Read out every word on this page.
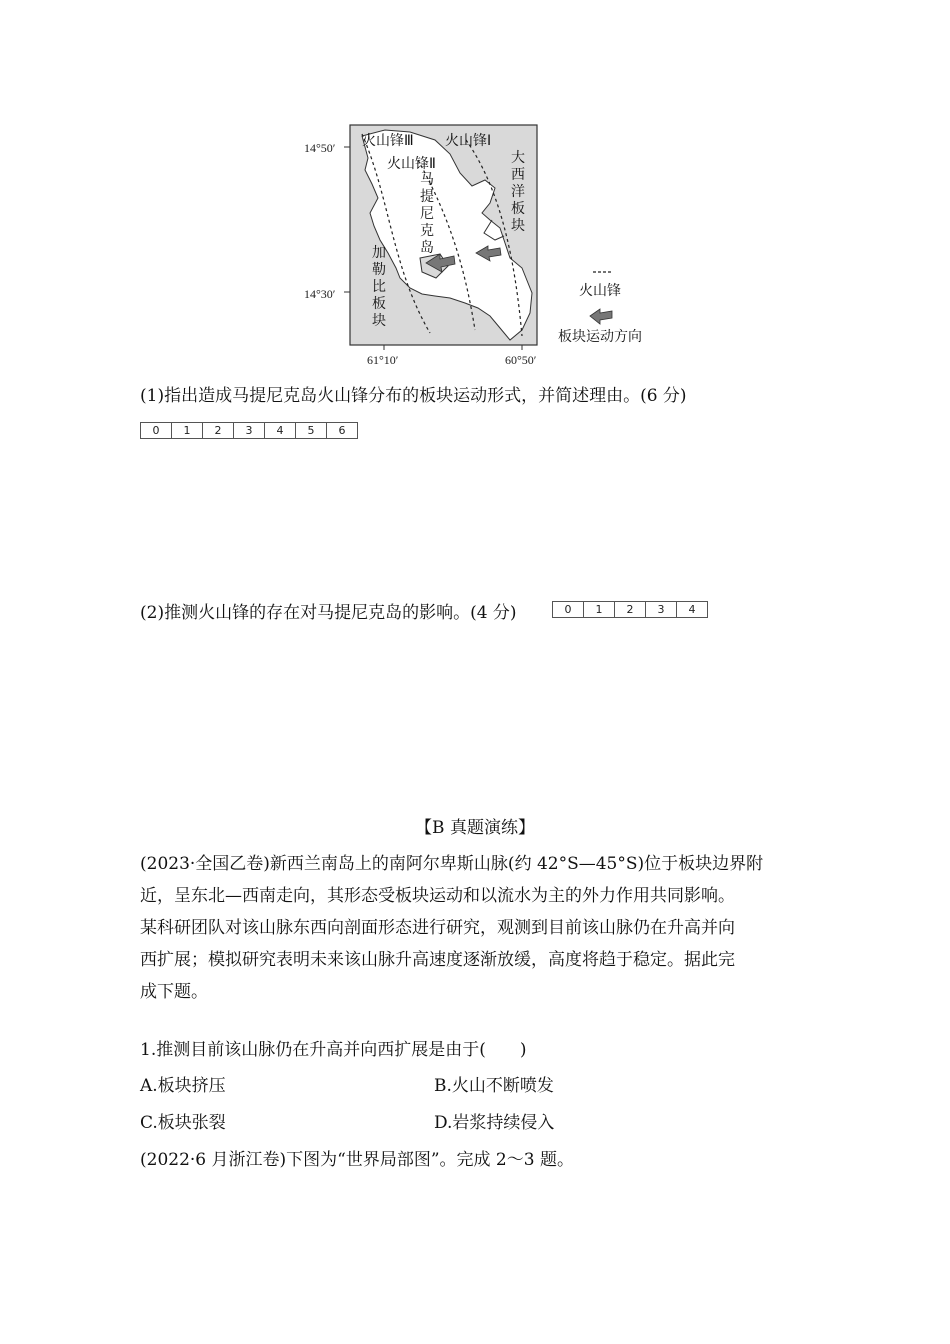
14°50′
14°30′
61°10′	60°50′
火山锋Ⅲ 火山锋Ⅰ
火山锋Ⅱ
马
提
尼
克
岛
大
西
洋
板
块
加
勒
比
板
块
火山锋
板块运动方向
(1)指出造成马提尼克岛火山锋分布的板块运动形式，并简述理由。(6 分)
0	1	2	3	4	5	6
(2)推测火山锋的存在对马提尼克岛的影响。(4 分)	0	1	2	3	4
【B 真题演练】
(2023·全国乙卷)新西兰南岛上的南阿尔卑斯山脉(约 42°S—45°S)位于板块边界附
近，呈东北—西南走向，其形态受板块运动和以流水为主的外力作用共同影响。
某科研团队对该山脉东西向剖面形态进行研究，观测到目前该山脉仍在升高并向
西扩展；模拟研究表明未来该山脉升高速度逐渐放缓，高度将趋于稳定。据此完
成下题。
1.推测目前该山脉仍在升高并向西扩展是由于(　　)
A.板块挤压	B.火山不断喷发
C.板块张裂	D.岩浆持续侵入
(2022·6 月浙江卷)下图为“世界局部图”。完成 2～3 题。
